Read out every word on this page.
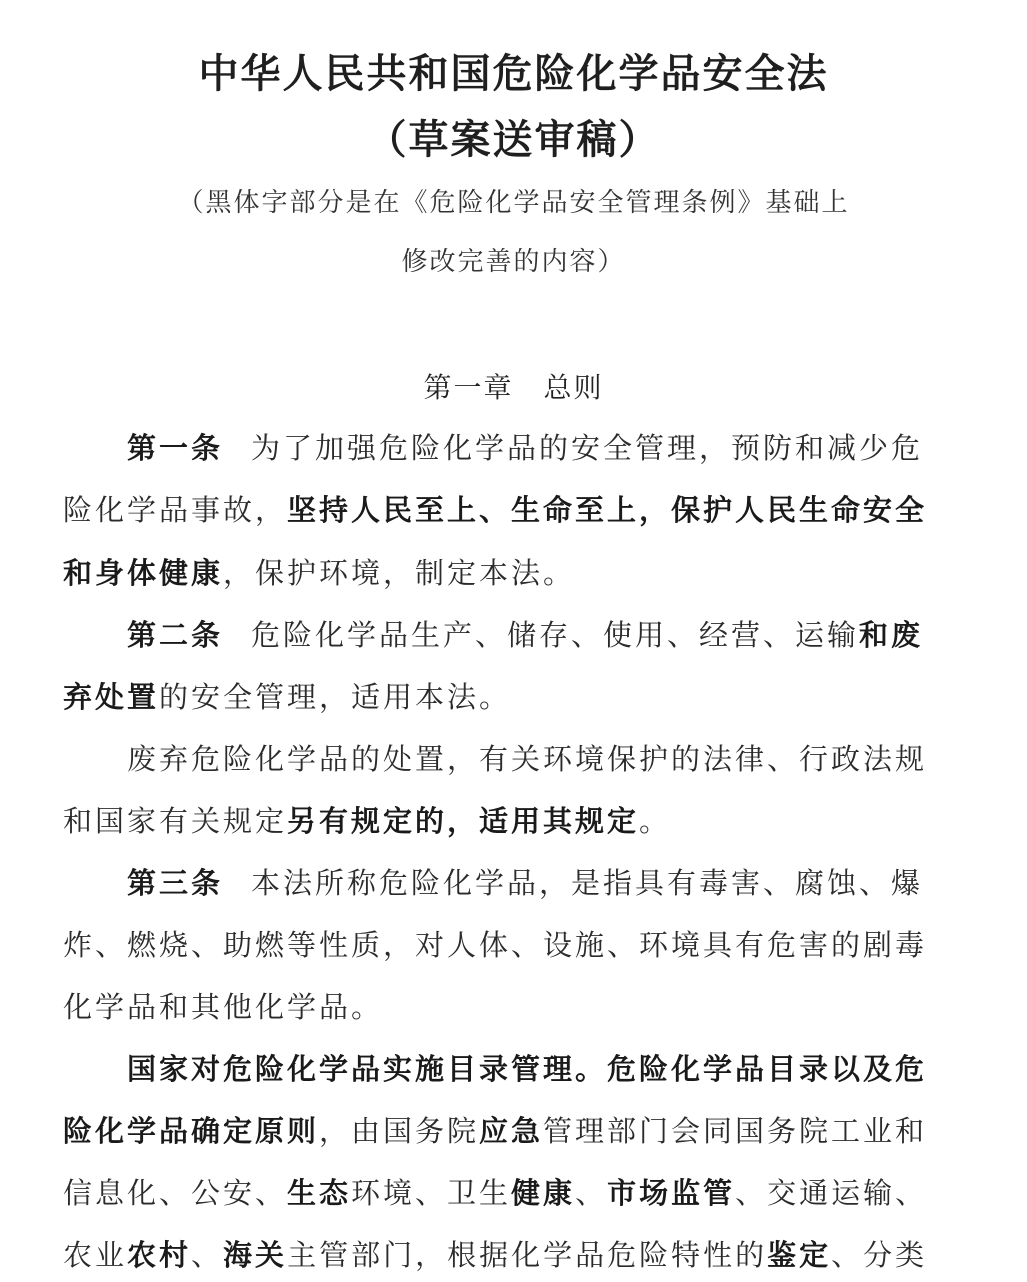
中华人民共和国危险化学品安全法
（草案送审稿）
（黑体字部分是在《危险化学品安全管理条例》基础上
修改完善的内容）
第一章　总则
第一条 为了加强危险化学品的安全管理，预防和减少危
险化学品事故，坚持人民至上、生命至上，保护人民生命安全
和身体健康，保护环境，制定本法。
第二条 危险化学品生产、储存、使用、经营、运输和废
弃处置的安全管理，适用本法。
废弃危险化学品的处置，有关环境保护的法律、行政法规
和国家有关规定另有规定的，适用其规定。
第三条 本法所称危险化学品，是指具有毒害、腐蚀、爆
炸、燃烧、助燃等性质，对人体、设施、环境具有危害的剧毒
化学品和其他化学品。
国家对危险化学品实施目录管理。危险化学品目录以及危
险化学品确定原则，由国务院应急管理部门会同国务院工业和
信息化、公安、生态环境、卫生健康、市场监管、交通运输、
农业农村、海关主管部门，根据化学品危险特性的鉴定、分类
